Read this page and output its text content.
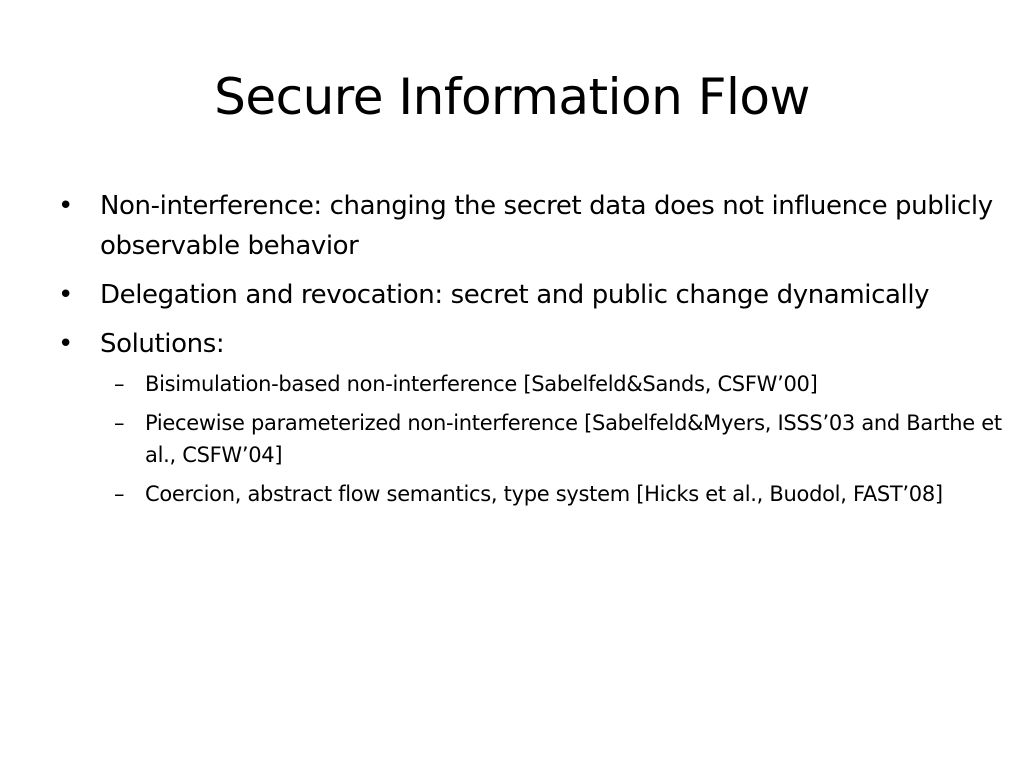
Secure Information Flow
•	Non-interference: changing the secret data does not influence publicly observable behavior
•	Delegation and revocation: secret and public change dynamically
•	Solutions:
– Bisimulation-based non-interference [Sabelfeld&Sands, CSFW’00]
– Piecewise parameterized non-interference [Sabelfeld&Myers, ISSS’03 and Barthe et al., CSFW’04]
– Coercion, abstract flow semantics, type system [Hicks et al., Buodol, FAST’08]
